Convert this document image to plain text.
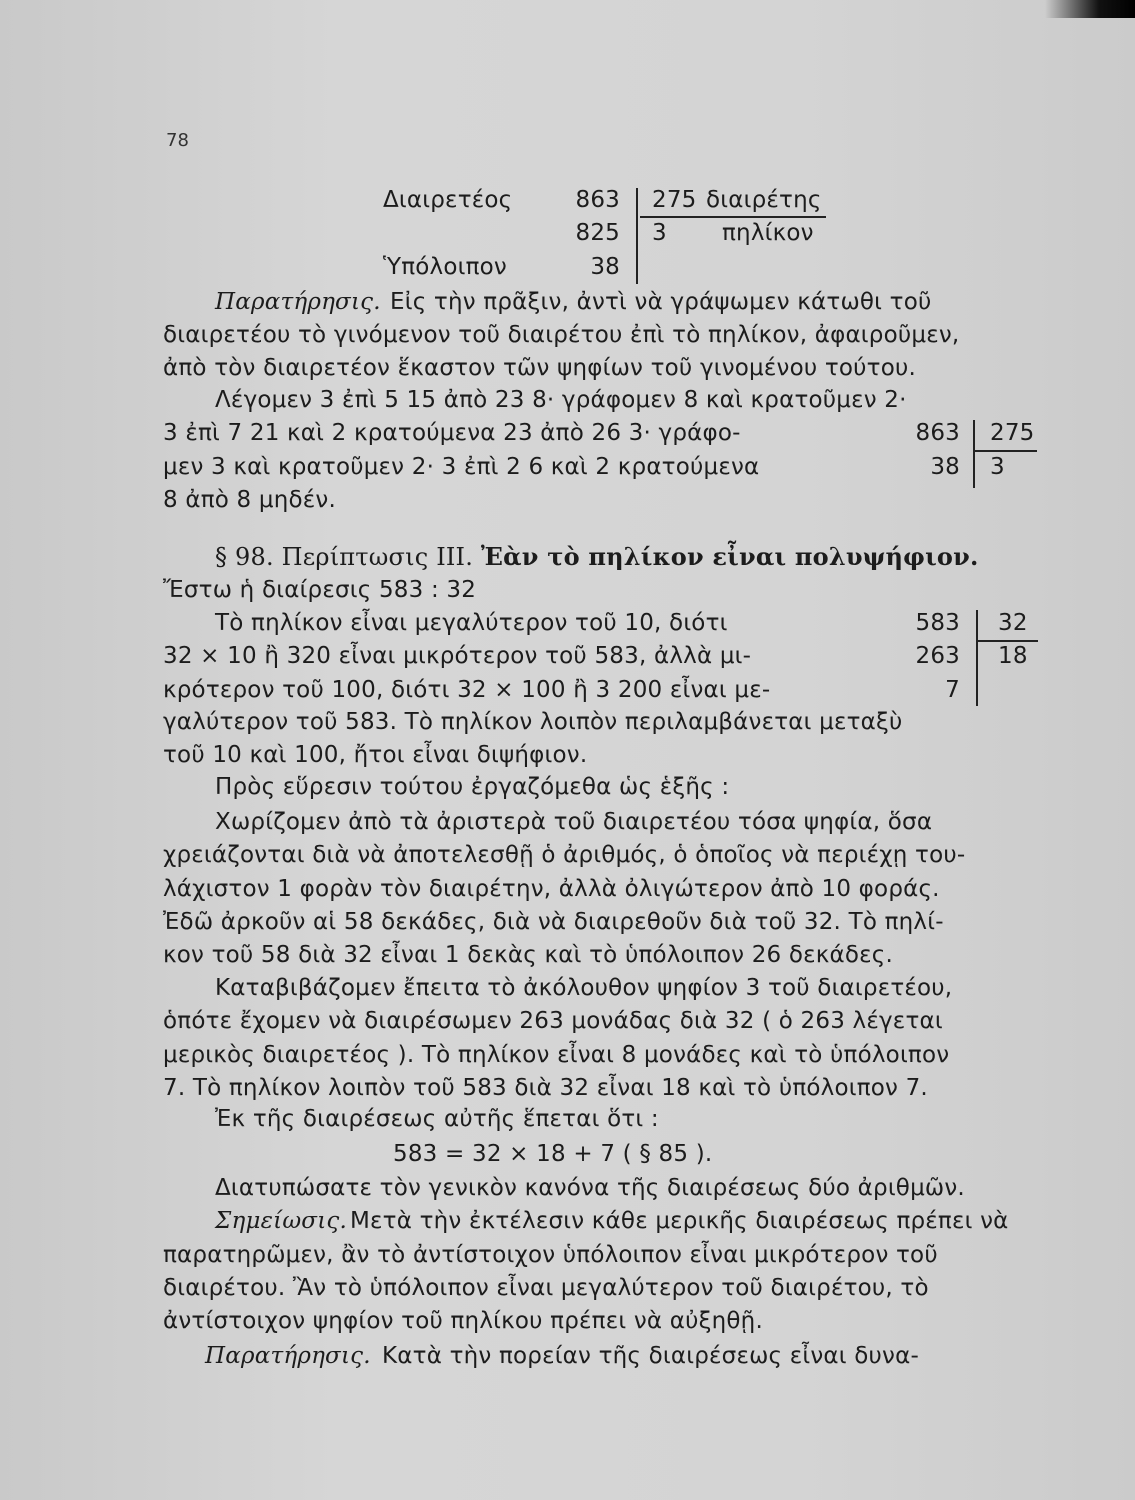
78
Διαιρετέος	863
825
Ὑπόλοιπον	38
275 διαιρέτης
3 πηλίκον
Παρατήρησις. Εἰς τὴν πρᾶξιν, ἀντὶ νὰ γράψωμεν κάτωθι τοῦ
διαιρετέου τὸ γινόμενον τοῦ διαιρέτου ἐπὶ τὸ πηλίκον, ἀφαιροῦμεν,
ἀπὸ τὸν διαιρετέον ἕκαστον τῶν ψηφίων τοῦ γινομένου τούτου.
Λέγομεν 3 ἐπὶ 5 15 ἀπὸ 23 8· γράφομεν 8 καὶ κρατοῦμεν 2·
3 ἐπὶ 7 21 καὶ 2 κρατούμενα 23 ἀπὸ 26 3· γράφο-
μεν 3 καὶ κρατοῦμεν 2· 3 ἐπὶ 2 6 καὶ 2 κρατούμενα
8 ἀπὸ 8 μηδέν.
863
38
275
3
§ 98. Περίπτωσις III. Ἐὰν τὸ πηλίκον εἶναι πολυψήφιον.
Ἔστω ἡ διαίρεσις 583 : 32
Τὸ πηλίκον εἶναι μεγαλύτερον τοῦ 10, διότι
32 × 10 ἢ 320 εἶναι μικρότερον τοῦ 583, ἀλλὰ μι-
κρότερον τοῦ 100, διότι 32 × 100 ἢ 3 200 εἶναι με-
γαλύτερον τοῦ 583. Τὸ πηλίκον λοιπὸν περιλαμβάνεται μεταξὺ
τοῦ 10 καὶ 100, ἤτοι εἶναι διψήφιον.
583
263
7
32
18
Πρὸς εὕρεσιν τούτου ἐργαζόμεθα ὡς ἑξῆς :
Χωρίζομεν ἀπὸ τὰ ἀριστερὰ τοῦ διαιρετέου τόσα ψηφία, ὅσα
χρειάζονται διὰ νὰ ἀποτελεσθῇ ὁ ἀριθμός, ὁ ὁποῖος νὰ περιέχῃ του-
λάχιστον 1 φορὰν τὸν διαιρέτην, ἀλλὰ ὀλιγώτερον ἀπὸ 10 φοράς.
Ἐδῶ ἀρκοῦν αἱ 58 δεκάδες, διὰ νὰ διαιρεθοῦν διὰ τοῦ 32. Τὸ πηλί-
κον τοῦ 58 διὰ 32 εἶναι 1 δεκὰς καὶ τὸ ὑπόλοιπον 26 δεκάδες.
Καταβιβάζομεν ἔπειτα τὸ ἀκόλουθον ψηφίον 3 τοῦ διαιρετέου,
ὁπότε ἔχομεν νὰ διαιρέσωμεν 263 μονάδας διὰ 32 ( ὁ 263 λέγεται
μερικὸς διαιρετέος ). Τὸ πηλίκον εἶναι 8 μονάδες καὶ τὸ ὑπόλοιπον
7. Τὸ πηλίκον λοιπὸν τοῦ 583 διὰ 32 εἶναι 18 καὶ τὸ ὑπόλοιπον 7.
Ἐκ τῆς διαιρέσεως αὐτῆς ἕπεται ὅτι :
583 = 32 × 18 + 7 ( § 85 ).
Διατυπώσατε τὸν γενικὸν κανόνα τῆς διαιρέσεως δύο ἀριθμῶν.
Σημείωσις. Μετὰ τὴν ἐκτέλεσιν κάθε μερικῆς διαιρέσεως πρέπει νὰ
παρατηρῶμεν, ἂν τὸ ἀντίστοιχον ὑπόλοιπον εἶναι μικρότερον τοῦ
διαιρέτου. Ἂν τὸ ὑπόλοιπον εἶναι μεγαλύτερον τοῦ διαιρέτου, τὸ
ἀντίστοιχον ψηφίον τοῦ πηλίκου πρέπει νὰ αὐξηθῇ.
Παρατήρησις. Κατὰ τὴν πορείαν τῆς διαιρέσεως εἶναι δυνα-
